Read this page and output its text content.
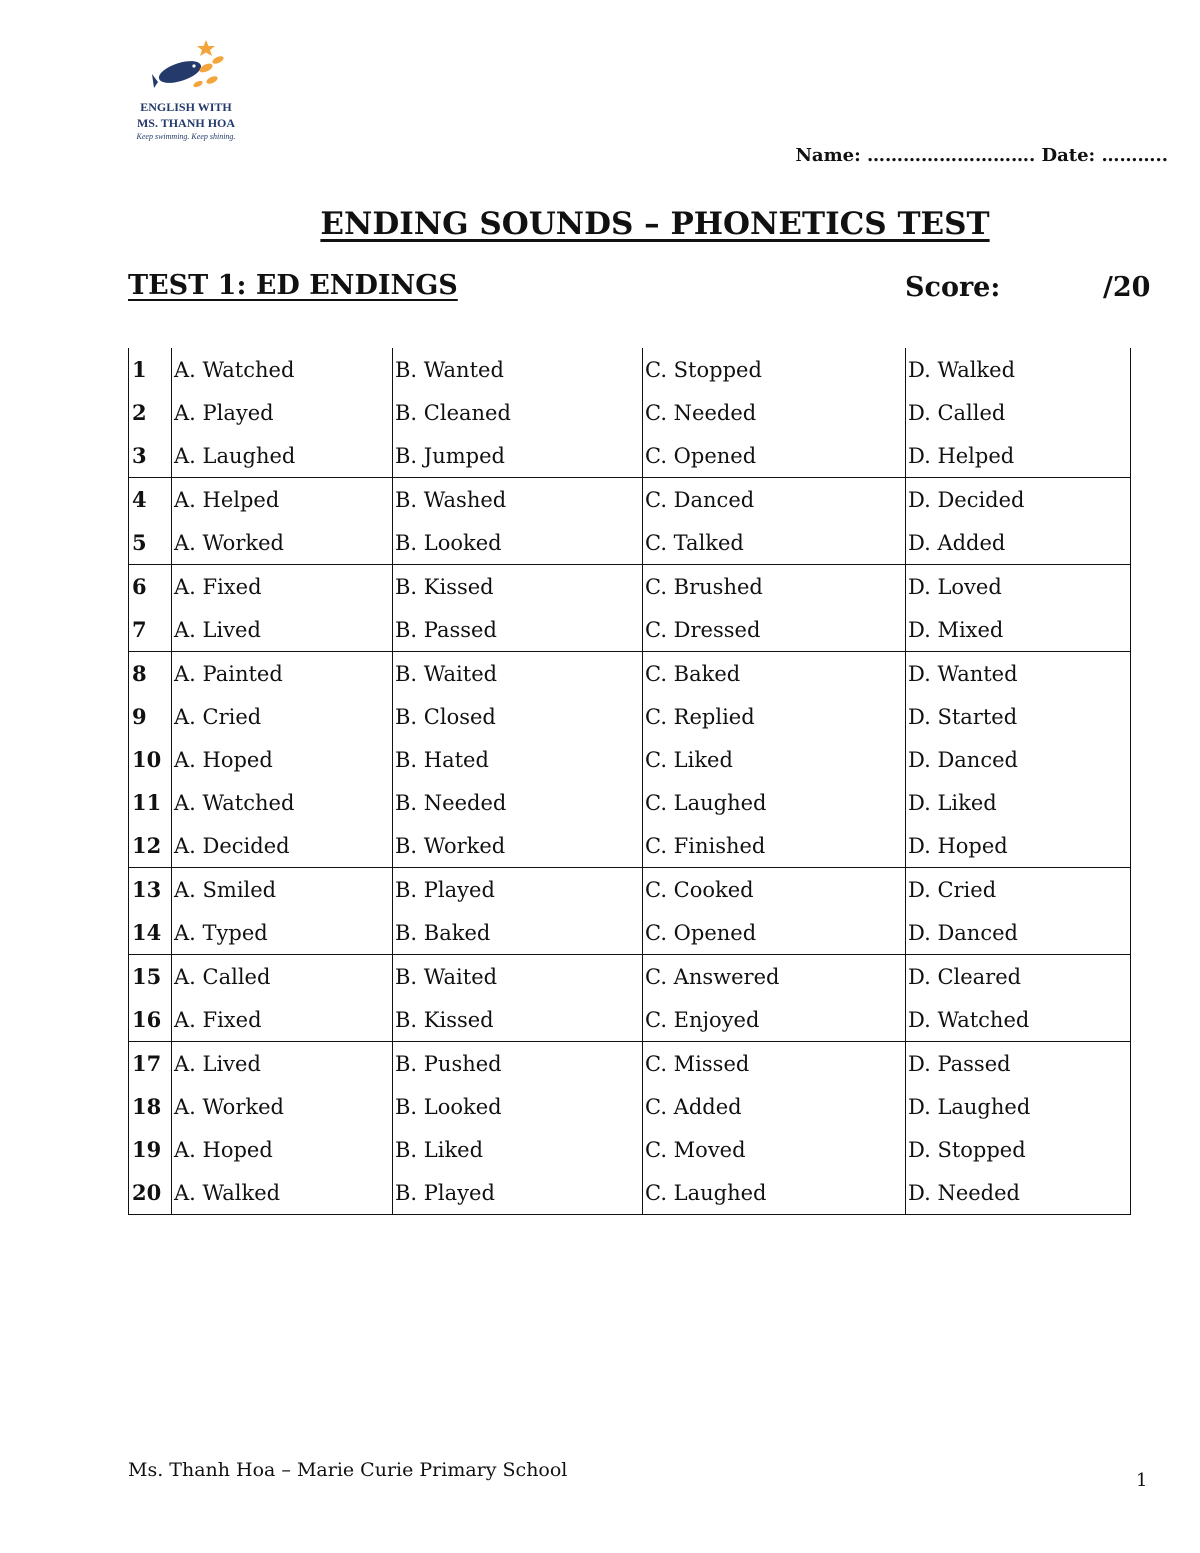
ENGLISH WITH
MS. THANH HOA
Keep swimming. Keep shining.
Name: ………………………. Date: ………..
ENDING SOUNDS – PHONETICS TEST
TEST 1: ED ENDINGS	Score:	/20
1	A. Watched	B. Wanted	C. Stopped	D. Walked
2	A. Played	B. Cleaned	C. Needed	D. Called
3	A. Laughed	B. Jumped	C. Opened	D. Helped
4	A. Helped	B. Washed	C. Danced	D. Decided
5	A. Worked	B. Looked	C. Talked	D. Added
6	A. Fixed	B. Kissed	C. Brushed	D. Loved
7	A. Lived	B. Passed	C. Dressed	D. Mixed
8	A. Painted	B. Waited	C. Baked	D. Wanted
9	A. Cried	B. Closed	C. Replied	D. Started
10	A. Hoped	B. Hated	C. Liked	D. Danced
11	A. Watched	B. Needed	C. Laughed	D. Liked
12	A. Decided	B. Worked	C. Finished	D. Hoped
13	A. Smiled	B. Played	C. Cooked	D. Cried
14	A. Typed	B. Baked	C. Opened	D. Danced
15	A. Called	B. Waited	C. Answered	D. Cleared
16	A. Fixed	B. Kissed	C. Enjoyed	D. Watched
17	A. Lived	B. Pushed	C. Missed	D. Passed
18	A. Worked	B. Looked	C. Added	D. Laughed
19	A. Hoped	B. Liked	C. Moved	D. Stopped
20	A. Walked	B. Played	C. Laughed	D. Needed
Ms. Thanh Hoa – Marie Curie Primary School	1
